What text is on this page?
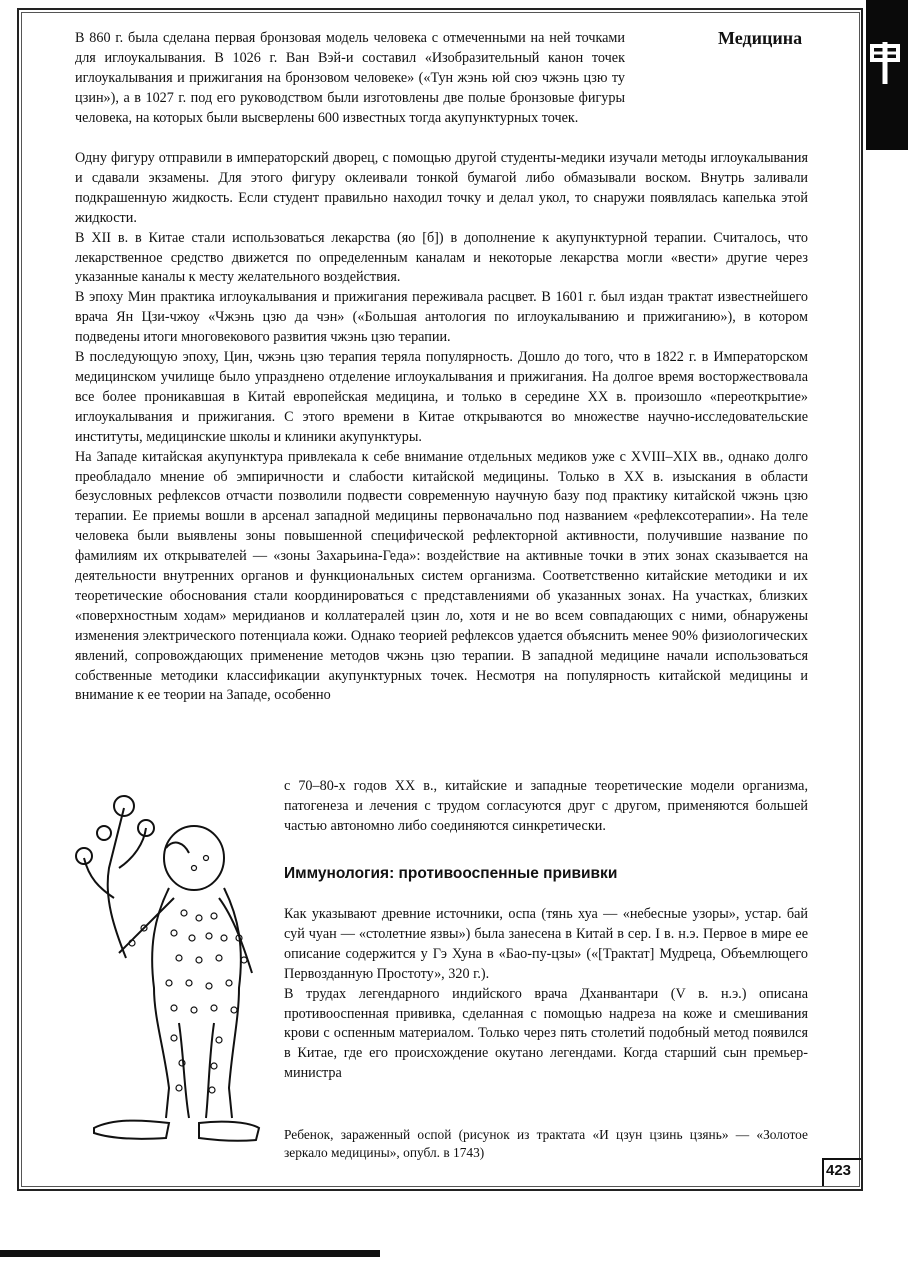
Медицина

В 860 г. была сделана первая бронзовая модель человека с отмеченными на ней точками для иглоукалывания. В 1026 г. Ван Вэй-и составил «Изобразительный канон точек иглоукалывания и прижигания на бронзовом человеке» («Тун жэнь юй сюэ чжэнь цзю ту цзин»), а в 1027 г. под его руководством были изготовлены две полые бронзовые фигуры человека, на которых были высверлены 600 известных тогда акупунктурных точек.

Одну фигуру отправили в императорский дворец, с помощью другой студенты-медики изучали методы иглоукалывания и сдавали экзамены. Для этого фигуру оклеивали тонкой бумагой либо обмазывали воском. Внутрь заливали подкрашенную жидкость. Если студент правильно находил точку и делал укол, то снаружи появлялась капелька этой жидкости.

В XII в. в Китае стали использоваться лекарства (яо [б]) в дополнение к акупунктурной терапии. Считалось, что лекарственное средство движется по определенным каналам и некоторые лекарства могли «вести» другие через указанные каналы к месту желательного воздействия.

В эпоху Мин практика иглоукалывания и прижигания переживала расцвет. В 1601 г. был издан трактат известнейшего врача Ян Цзи-чжоу «Чжэнь цзю да чэн» («Большая антология по иглоукалыванию и прижиганию»), в котором подведены итоги многовекового развития чжэнь цзю терапии.

В последующую эпоху, Цин, чжэнь цзю терапия теряла популярность. Дошло до того, что в 1822 г. в Императорском медицинском училище было упразднено отделение иглоукалывания и прижигания. На долгое время восторжествовала все более проникавшая в Китай европейская медицина, и только в середине XX в. произошло «переоткрытие» иглоукалывания и прижигания. С этого времени в Китае открываются во множестве научно-исследовательские институты, медицинские школы и клиники акупунктуры.

На Западе китайская акупунктура привлекала к себе внимание отдельных медиков уже с XVIII–XIX вв., однако долго преобладало мнение об эмпиричности и слабости китайской медицины. Только в XX в. изыскания в области безусловных рефлексов отчасти позволили подвести современную научную базу под практику китайской чжэнь цзю терапии. Ее приемы вошли в арсенал западной медицины первоначально под названием «рефлексотерапии». На теле человека были выявлены зоны повышенной специфической рефлекторной активности, получившие название по фамилиям их открывателей — «зоны Захарьина-Геда»: воздействие на активные точки в этих зонах сказывается на деятельности внутренних органов и функциональных систем организма. Соответственно китайские методики и их теоретические обоснования стали координироваться с представлениями об указанных зонах. На участках, близких «поверхностным ходам» меридианов и коллатералей цзин ло, хотя и не во всем совпадающих с ними, обнаружены изменения электрического потенциала кожи. Однако теорией рефлексов удается объяснить менее 90% физиологических явлений, сопровождающих применение методов чжэнь цзю терапии. В западной медицине начали использоваться собственные методики классификации акупунктурных точек. Несмотря на популярность китайской медицины и внимание к ее теории на Западе, особенно

с 70–80-х годов XX в., китайские и западные теоретические модели организма, патогенеза и лечения с трудом согласуются друг с другом, применяются большей частью автономно либо соединяются синкретически.

Иммунология: противооспенные прививки

Как указывают древние источники, оспа (тянь хуа — «небесные узоры», устар. бай суй чуан — «столетние язвы») была занесена в Китай в сер. I в. н.э. Первое в мире ее описание содержится у Гэ Хуна в «Бао-пу-цзы» («[Трактат] Мудреца, Объемлющего Первозданную Простоту», 320 г.).

В трудах легендарного индийского врача Дханвантари (V в. н.э.) описана противооспенная прививка, сделанная с помощью надреза на коже и смешивания крови с оспенным материалом. Только через пять столетий подобный метод появился в Китае, где его происхождение окутано легендами. Когда старший сын премьер-министра

Ребенок, зараженный оспой (рисунок из трактата «И цзун цзинь цзянь» — «Золотое зеркало медицины», опубл. в 1743)
423
